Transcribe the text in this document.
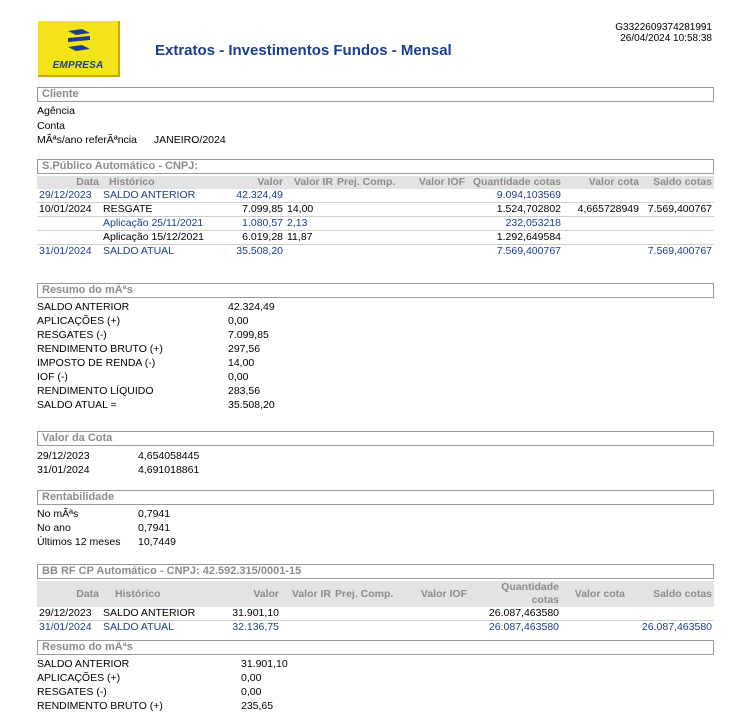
EMPRESA
Extratos - Investimentos Fundos - Mensal
G3322609374281991
26/04/2024 10:58:38
Cliente
Agência
Conta
MÃªs/ano referÃªncia JANEIRO/2024
S.Público Automático - CNPJ:
Data	Histórico	Valor	Valor IR	Prej. Comp.	Valor IOF	Quantidade cotas	Valor cota	Saldo cotas
29/12/2023	SALDO ANTERIOR	42.324,49				9.094,103569		
10/01/2024	RESGATE	7.099,85	14,00			1.524,702802	4,665728949	7.569,400767
	Aplicação 25/11/2021	1.080,57	2,13			232,053218		
	Aplicação 15/12/2021	6.019,28	11,87			1.292,649584		
31/01/2024	SALDO ATUAL	35.508,20				7.569,400767		7.569,400767
Resumo do mÃªs
SALDO ANTERIOR	42.324,49
APLICAÇÕES (+)	0,00
RESGATES (-)	7.099,85
RENDIMENTO BRUTO (+)	297,56
IMPOSTO DE RENDA (-)	14,00
IOF (-)	0,00
RENDIMENTO LÍQUIDO	283,56
SALDO ATUAL =	35.508,20
Valor da Cota
29/12/2023	4,654058445
31/01/2024	4,691018861
Rentabilidade
No mÃªs	0,7941
No ano	0,7941
Últimos 12 meses 10,7449
BB RF CP Automático - CNPJ: 42.592.315/0001-15
Data	Histórico	Valor	Valor IR	Prej. Comp.	Valor IOF	Quantidade cotas	Valor cota	Saldo cotas
29/12/2023	SALDO ANTERIOR	31.901,10				26.087,463580		
31/01/2024	SALDO ATUAL	32.136,75				26.087,463580		26.087,463580
Resumo do mÃªs
SALDO ANTERIOR	31.901,10
APLICAÇÕES (+)	0,00
RESGATES (-)	0,00
RENDIMENTO BRUTO (+)	235,65
